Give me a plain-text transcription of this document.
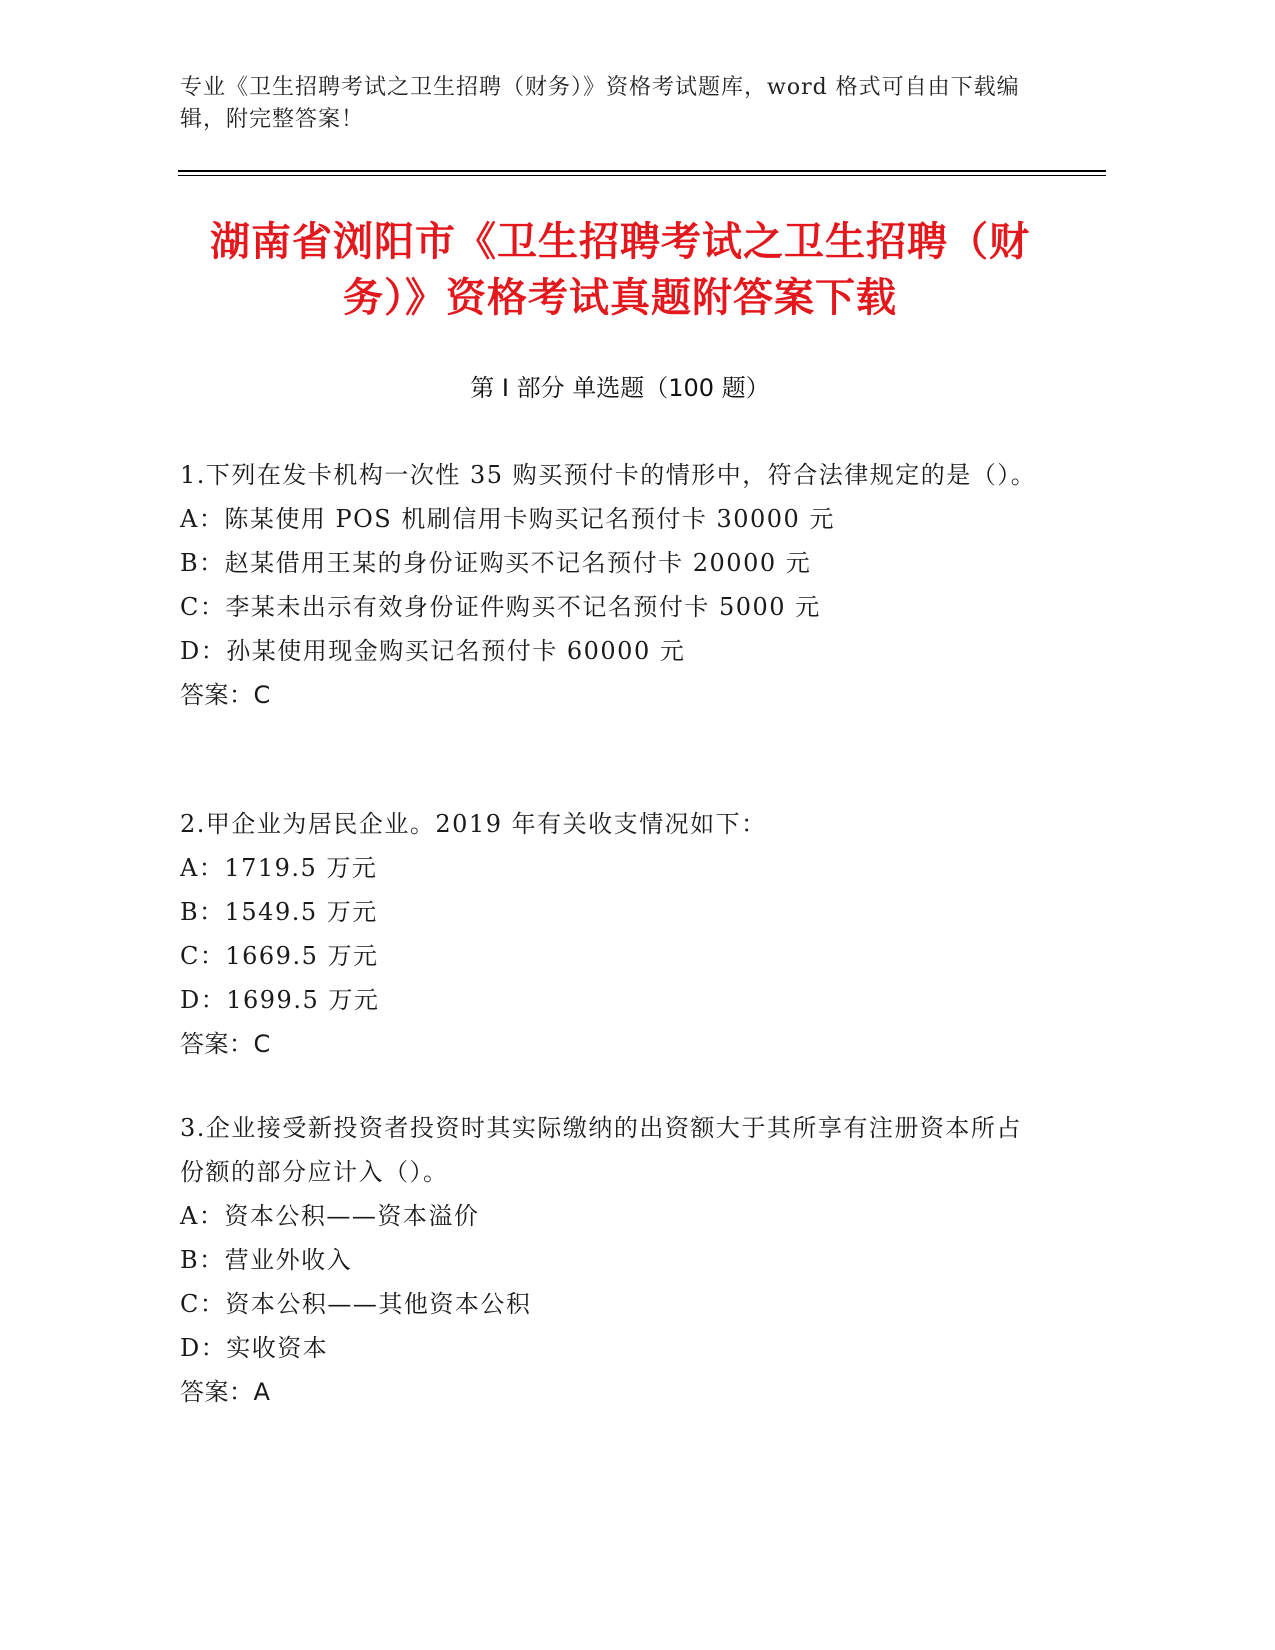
专业《卫生招聘考试之卫生招聘（财务）》资格考试题库，word 格式可自由下载编辑，附完整答案！
湖南省浏阳市《卫生招聘考试之卫生招聘（财务）》资格考试真题附答案下载
第 I 部分 单选题（100 题）

1.下列在发卡机构一次性 35 购买预付卡的情形中，符合法律规定的是（）。

A：陈某使用 POS 机刷信用卡购买记名预付卡 30000 元

B：赵某借用王某的身份证购买不记名预付卡 20000 元

C：李某未出示有效身份证件购买不记名预付卡 5000 元

D：孙某使用现金购买记名预付卡 60000 元

答案：C

2.甲企业为居民企业。2019 年有关收支情况如下：

A：1719.5 万元

B：1549.5 万元

C：1669.5 万元

D：1699.5 万元

答案：C

3.企业接受新投资者投资时其实际缴纳的出资额大于其所享有注册资本所占份额的部分应计入（）。

A：资本公积——资本溢价

B：营业外收入

C：资本公积——其他资本公积

D：实收资本

答案：A
